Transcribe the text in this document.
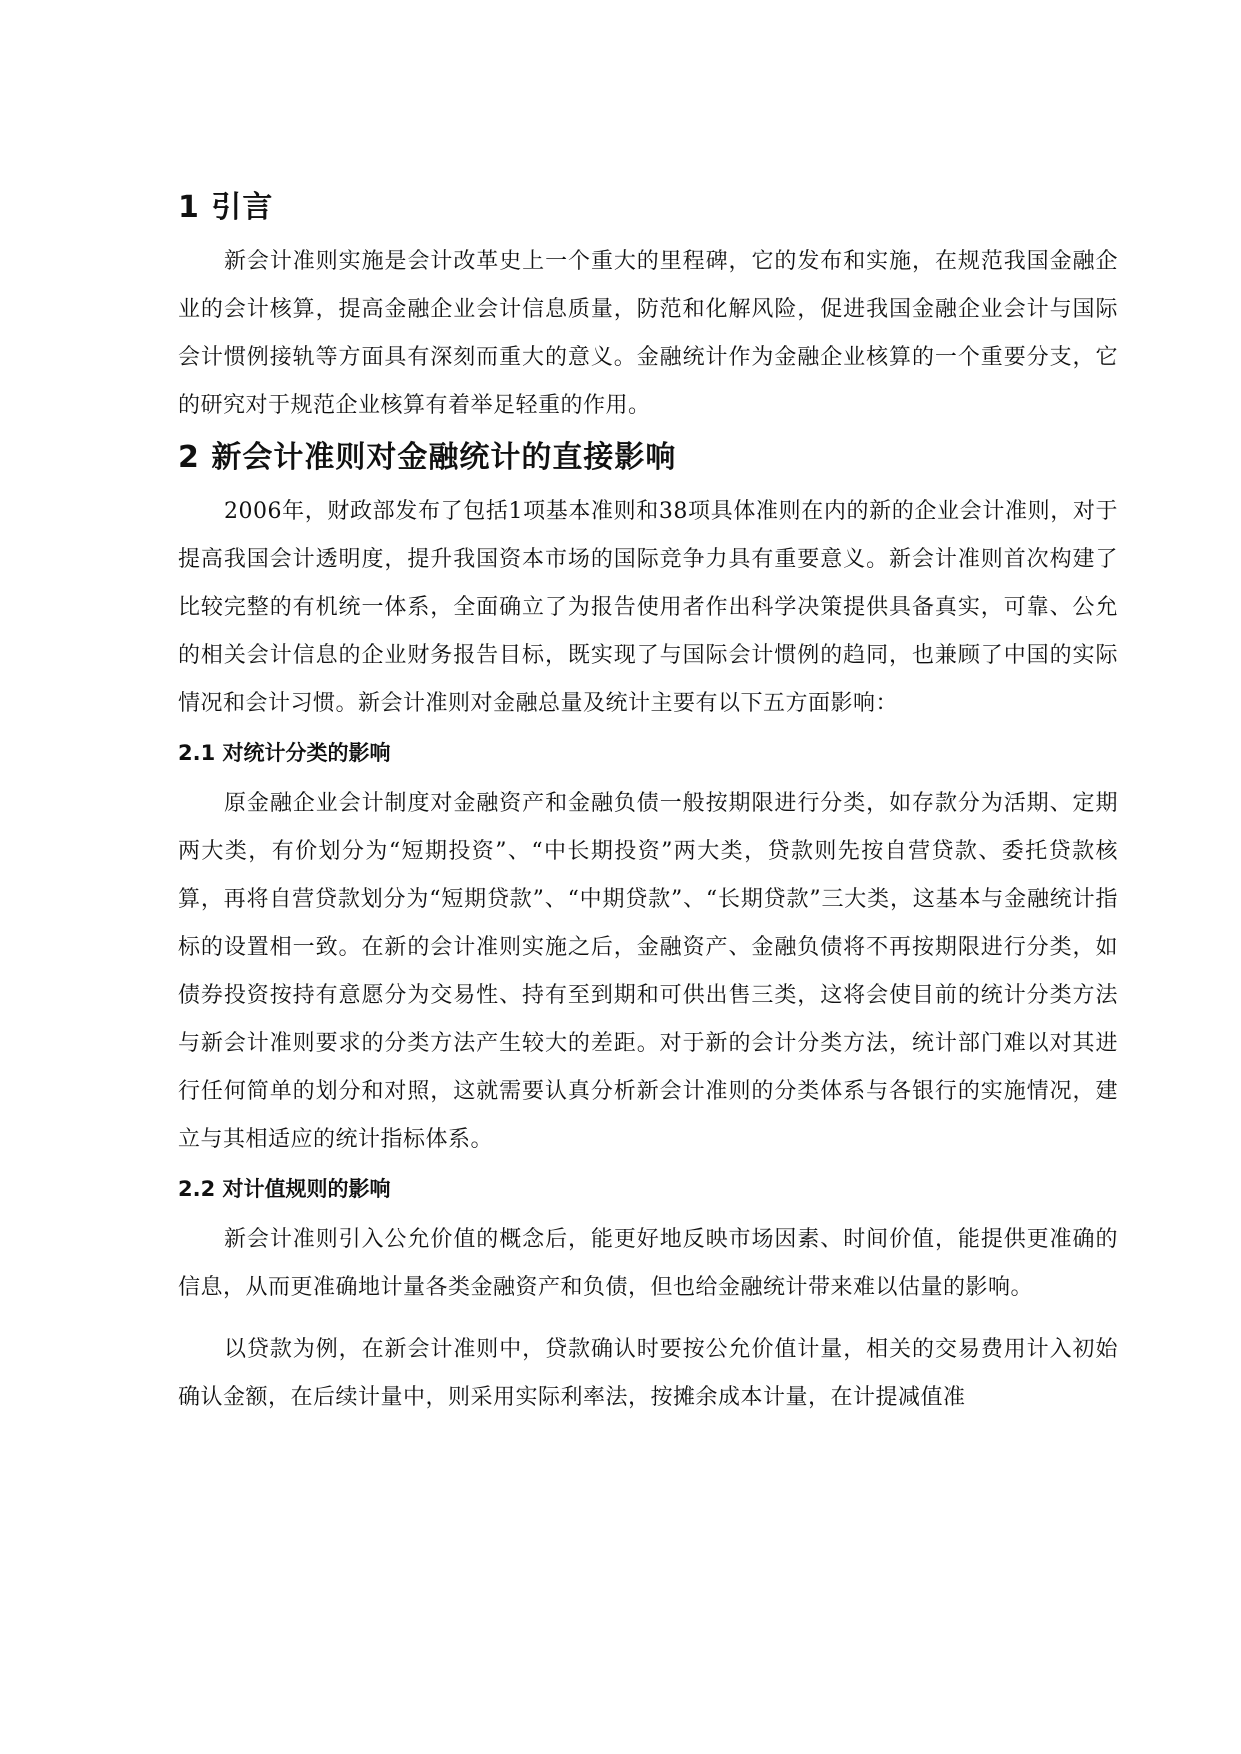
1 引言

新会计准则实施是会计改革史上一个重大的里程碑，它的发布和实施，在规范我国金融企业的会计核算，提高金融企业会计信息质量，防范和化解风险，促进我国金融企业会计与国际会计惯例接轨等方面具有深刻而重大的意义。金融统计作为金融企业核算的一个重要分支，它的研究对于规范企业核算有着举足轻重的作用。

2 新会计准则对金融统计的直接影响

2006年，财政部发布了包括1项基本准则和38项具体准则在内的新的企业会计准则，对于提高我国会计透明度，提升我国资本市场的国际竞争力具有重要意义。新会计准则首次构建了比较完整的有机统一体系，全面确立了为报告使用者作出科学决策提供具备真实，可靠、公允的相关会计信息的企业财务报告目标，既实现了与国际会计惯例的趋同，也兼顾了中国的实际情况和会计习惯。新会计准则对金融总量及统计主要有以下五方面影响：

2.1 对统计分类的影响

原金融企业会计制度对金融资产和金融负债一般按期限进行分类，如存款分为活期、定期两大类，有价划分为“短期投资”、“中长期投资”两大类，贷款则先按自营贷款、委托贷款核算，再将自营贷款划分为“短期贷款”、“中期贷款”、“长期贷款”三大类，这基本与金融统计指标的设置相一致。在新的会计准则实施之后，金融资产、金融负债将不再按期限进行分类，如债券投资按持有意愿分为交易性、持有至到期和可供出售三类，这将会使目前的统计分类方法与新会计准则要求的分类方法产生较大的差距。对于新的会计分类方法，统计部门难以对其进行任何简单的划分和对照，这就需要认真分析新会计准则的分类体系与各银行的实施情况，建立与其相适应的统计指标体系。

2.2 对计值规则的影响

新会计准则引入公允价值的概念后，能更好地反映市场因素、时间价值，能提供更准确的信息，从而更准确地计量各类金融资产和负债，但也给金融统计带来难以估量的影响。

以贷款为例，在新会计准则中，贷款确认时要按公允价值计量，相关的交易费用计入初始确认金额，在后续计量中，则采用实际利率法，按摊余成本计量，在计提减值准
